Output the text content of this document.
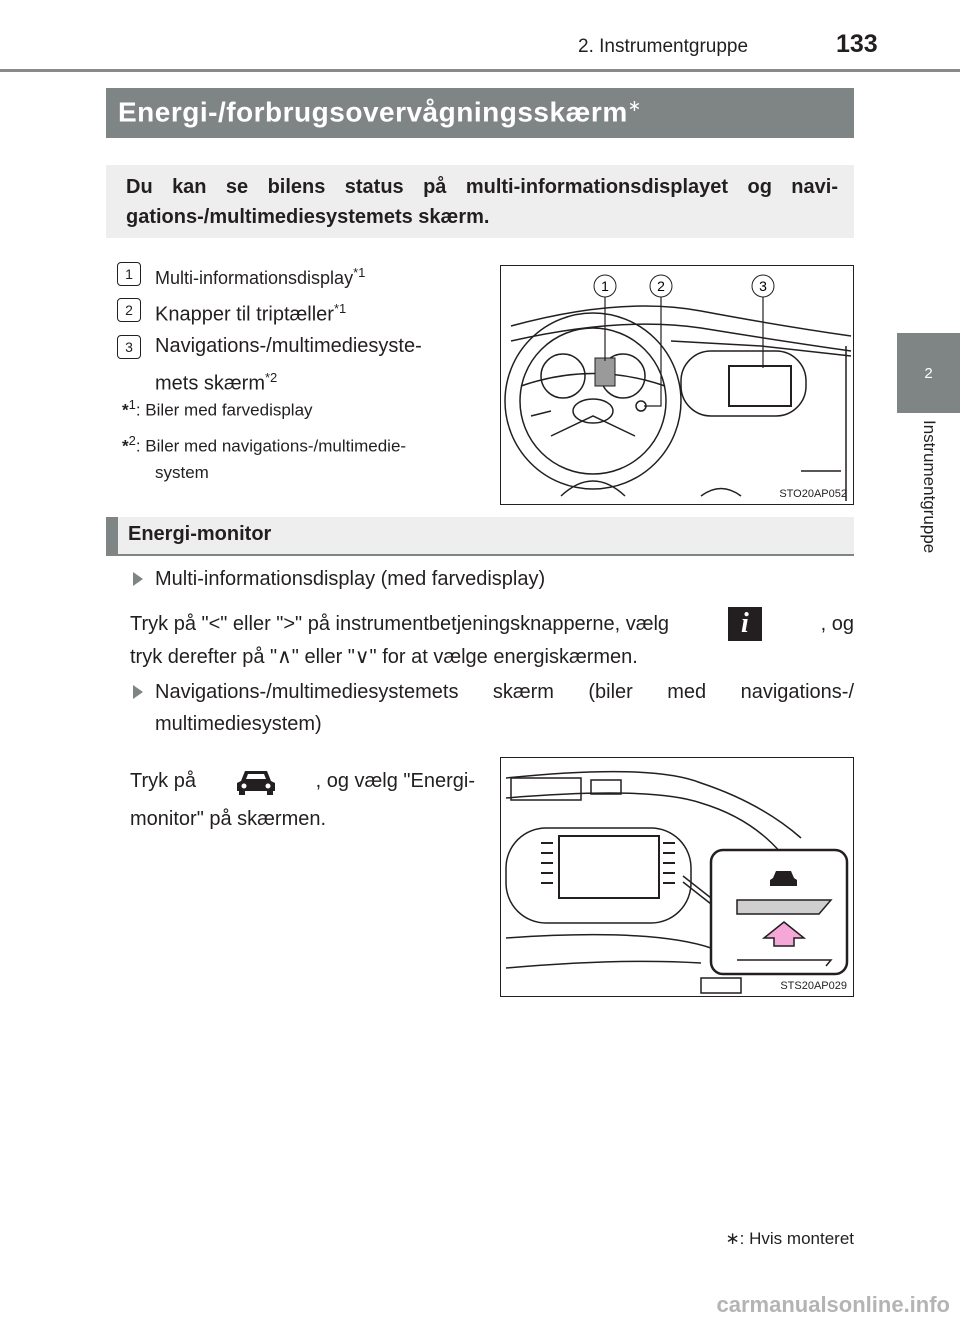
2. Instrumentgruppe	133
2
Instrumentgruppe
Energi-/forbrugsovervågningsskærm∗
Du kan se bilens status på multi-informationsdisplayet og navi-gations-/multimediesystemets skærm.
1	Multi-informationsdisplay$^{*1}$
2	Knapper til triptæller$^{*1}$
3	Navigations-/multimediesyste-
mets skærm$^{*2}$
*$^1$: Biler med farvedisplay
*$^2$: Biler med navigations-/multimedie-
system
1	2	3
STO20AP052
Energi-monitor
Multi-informationsdisplay (med farvedisplay)
Tryk på "<" eller ">" på instrumentbetjeningsknapperne, vælg	i	, og
tryk derefter på "∧" eller "∨" for at vælge energiskærmen.
Navigations-/multimediesystemets skærm (biler med navigations-/ multimediesystem)
Tryk på	, og vælg "Energi-
monitor" på skærmen.
STS20AP029
∗: Hvis monteret
carmanualsonline.info
